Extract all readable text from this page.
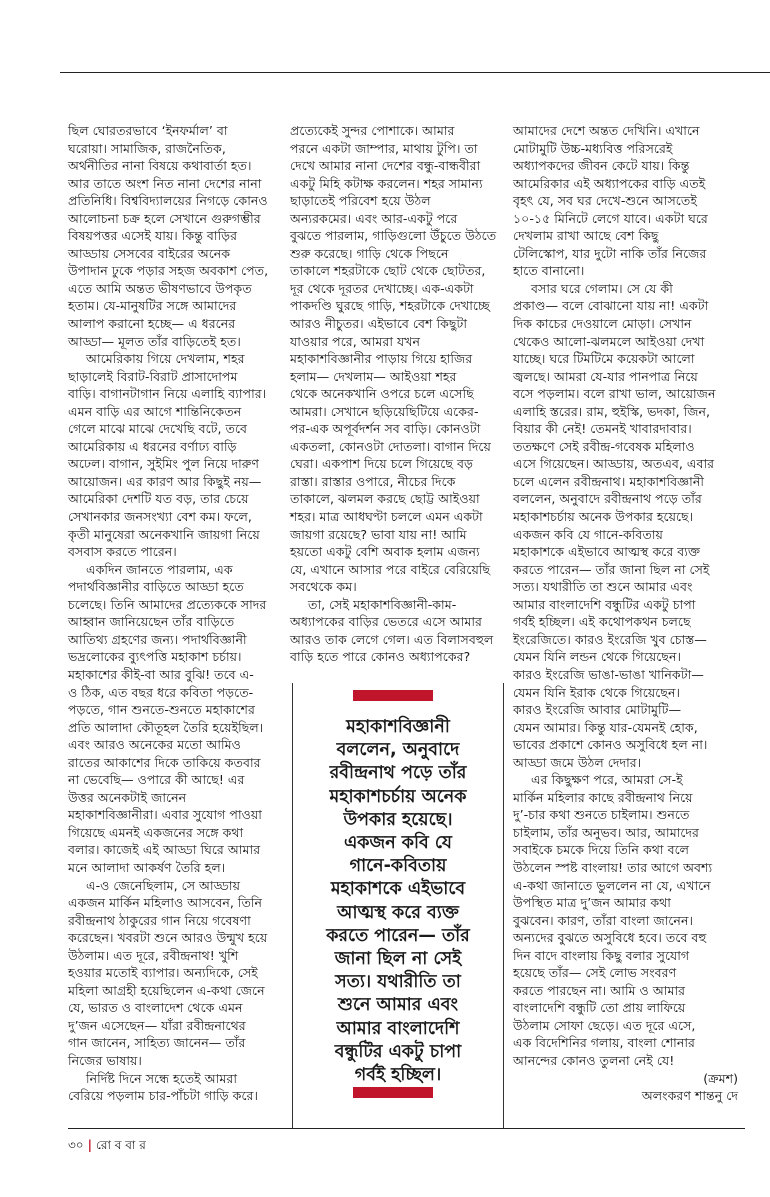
ছিল ঘোরতরভাবে ‘ইনফর্মাল’ বা
ঘরোয়া। সামাজিক, রাজনৈতিক,
অর্থনীতির নানা বিষয়ে কথাবার্তা হত।
আর তাতে অংশ নিত নানা দেশের নানা
প্রতিনিধি। বিশ্ববিদ্যালয়ের নিগড়ে কোনও
আলোচনা চক্র হলে সেখানে গুরুগম্ভীর
বিষয়পত্তর এসেই যায়। কিন্তু বাড়ির
আড্ডায় সেসবের বাইরের অনেক
উপাদান ঢুকে পড়ার সহজ অবকাশ পেত,
এতে আমি অন্তত ভীষণভাবে উপকৃত
হতাম। যে-মানুষটির সঙ্গে আমাদের
আলাপ করানো হচ্ছে— এ ধরনের
আড্ডা— মূলত তাঁর বাড়িতেই হত।
আমেরিকায় গিয়ে দেখলাম, শহর
ছাড়ালেই বিরাট-বিরাট প্রাসাদোপম
বাড়ি। বাগানটাগান নিয়ে এলাহি ব্যাপার।
এমন বাড়ি এর আগে শান্তিনিকেতন
গেলে মাঝে মাঝে দেখেছি বটে, তবে
আমেরিকায় এ ধরনের বর্ণাঢ্য বাড়ি
অঢেল। বাগান, সুইমিং পুল নিয়ে দারুণ
আয়োজন। এর কারণ আর কিছুই নয়—
আমেরিকা দেশটি যত বড়, তার চেয়ে
সেখানকার জনসংখ্যা বেশ কম। ফলে,
কৃতী মানুষেরা অনেকখানি জায়গা নিয়ে
বসবাস করতে পারেন।
একদিন জানতে পারলাম, এক
পদার্থবিজ্ঞানীর বাড়িতে আড্ডা হতে
চলেছে। তিনি আমাদের প্রত্যেককে সাদর
আহ্বান জানিয়েছেন তাঁর বাড়িতে
আতিথ্য গ্রহণের জন্য। পদার্থবিজ্ঞানী
ভদ্রলোকের ব্যুৎপত্তি মহাকাশ চর্চায়।
মহাকাশের কীই-বা আর বুঝি! তবে এ-
ও ঠিক, এত বছর ধরে কবিতা পড়তে-
পড়তে, গান শুনতে-শুনতে মহাকাশের
প্রতি আলাদা কৌতূহল তৈরি হয়েইছিল।
এবং আরও অনেকের মতো আমিও
রাতের আকাশের দিকে তাকিয়ে কতবার
না ভেবেছি— ওপারে কী আছে! এর
উত্তর অনেকটাই জানেন
মহাকাশবিজ্ঞানীরা। এবার সুযোগ পাওয়া
গিয়েছে এমনই একজনের সঙ্গে কথা
বলার। কাজেই এই আড্ডা ঘিরে আমার
মনে আলাদা আকর্ষণ তৈরি হল।
এ-ও জেনেছিলাম, সে আড্ডায়
একজন মার্কিন মহিলাও আসবেন, তিনি
রবীন্দ্রনাথ ঠাকুরের গান নিয়ে গবেষণা
করেছেন। খবরটা শুনে আরও উন্মুখ হয়ে
উঠলাম। এত দূরে, রবীন্দ্রনাথ! খুশি
হওয়ার মতোই ব্যাপার। অন্যদিকে, সেই
মহিলা আগ্রহী হয়েছিলেন এ-কথা জেনে
যে, ভারত ও বাংলাদেশ থেকে এমন
দু’জন এসেছেন— যাঁরা রবীন্দ্রনাথের
গান জানেন, সাহিত্য জানেন— তাঁর
নিজের ভাষায়।
নির্দিষ্ট দিনে সন্ধে হতেই আমরা
বেরিয়ে পড়লাম চার-পাঁচটা গাড়ি করে।
প্রত্যেকেই সুন্দর পোশাকে। আমার
পরনে একটা জাম্পার, মাথায় টুপি। তা
দেখে আমার নানা দেশের বন্ধু-বান্ধবীরা
একটু মিহি কটাক্ষ করলেন। শহর সামান্য
ছাড়াতেই পরিবেশ হয়ে উঠল
অন্যরকমের। এবং আর-একটু পরে
বুঝতে পারলাম, গাড়িগুলো উঁচুতে উঠতে
শুরু করেছে। গাড়ি থেকে পিছনে
তাকালে শহরটাকে ছোট থেকে ছোটতর,
দূর থেকে দূরতর দেখাচ্ছে। এক-একটা
পাকদণ্ডি ঘুরছে গাড়ি, শহরটাকে দেখাচ্ছে
আরও নীচুতর। এইভাবে বেশ কিছুটা
যাওয়ার পরে, আমরা যখন
মহাকাশবিজ্ঞানীর পাড়ায় গিয়ে হাজির
হলাম— দেখলাম— আইওয়া শহর
থেকে অনেকখানি ওপরে চলে এসেছি
আমরা। সেখানে ছড়িয়েছিটিয়ে একের-
পর-এক অপূর্বদর্শন সব বাড়ি। কোনওটা
একতলা, কোনওটা দোতলা। বাগান দিয়ে
ঘেরা। একপাশ দিয়ে চলে গিয়েছে বড়
রাস্তা। রাস্তার ওপারে, নীচের দিকে
তাকালে, ঝলমল করছে ছোট্ট আইওয়া
শহর। মাত্র আধঘণ্টা চললে এমন একটা
জায়গা রয়েছে? ভাবা যায় না! আমি
হয়তো একটু বেশি অবাক হলাম এজন্য
যে, এখানে আসার পরে বাইরে বেরিয়েছি
সবথেকে কম।
তা, সেই মহাকাশবিজ্ঞানী-কাম-
অধ্যাপকের বাড়ির ভেতরে এসে আমার
আরও তাক লেগে গেল। এত বিলাসবহুল
বাড়ি হতে পারে কোনও অধ্যাপকের?
মহাকাশবিজ্ঞানী
বললেন, অনুবাদে
রবীন্দ্রনাথ পড়ে তাঁর
মহাকাশচর্চায় অনেক
উপকার হয়েছে।
একজন কবি যে
গানে-কবিতায়
মহাকাশকে এইভাবে
আত্মস্থ করে ব্যক্ত
করতে পারেন— তাঁর
জানা ছিল না সেই
সত্য। যথারীতি তা
শুনে আমার এবং
আমার বাংলাদেশি
বন্ধুটির একটু চাপা
গর্বই হচ্ছিল।
আমাদের দেশে অন্তত দেখিনি। এখানে
মোটামুটি উচ্চ-মধ্যবিত্ত পরিসরেই
অধ্যাপকদের জীবন কেটে যায়। কিন্তু
আমেরিকার এই অধ্যাপকের বাড়ি এতই
বৃহৎ যে, সব ঘর দেখে-শুনে আসতেই
১০-১৫ মিনিটে লেগে যাবে। একটা ঘরে
দেখলাম রাখা আছে বেশ কিছু
টেলিস্কোপ, যার দুটো নাকি তাঁর নিজের
হাতে বানানো।
বসার ঘরে গেলাম। সে যে কী
প্রকাণ্ড— বলে বোঝানো যায় না! একটা
দিক কাচের দেওয়ালে মোড়া। সেখান
থেকেও আলো-ঝলমলে আইওয়া দেখা
যাচ্ছে। ঘরে টিমটিমে কয়েকটা আলো
জ্বলছে। আমরা যে-যার পানপাত্র নিয়ে
বসে পড়লাম। বলে রাখা ভাল, আয়োজন
এলাহি স্তরের। রাম, হুইস্কি, ভদকা, জিন,
বিয়ার কী নেই! তেমনই খাবারদাবার।
ততক্ষণে সেই রবীন্দ্র-গবেষক মহিলাও
এসে গিয়েছেন। আড্ডায়, অতএব, এবার
চলে এলেন রবীন্দ্রনাথ। মহাকাশবিজ্ঞানী
বললেন, অনুবাদে রবীন্দ্রনাথ পড়ে তাঁর
মহাকাশচর্চায় অনেক উপকার হয়েছে।
একজন কবি যে গানে-কবিতায়
মহাকাশকে এইভাবে আত্মস্থ করে ব্যক্ত
করতে পারেন— তাঁর জানা ছিল না সেই
সত্য। যথারীতি তা শুনে আমার এবং
আমার বাংলাদেশি বন্ধুটির একটু চাপা
গর্বই হচ্ছিল। এই কথোপকথন চলছে
ইংরেজিতে। কারও ইংরেজি খুব চোস্ত—
যেমন যিনি লন্ডন থেকে গিয়েছেন।
কারও ইংরেজি ভাঙা-ভাঙা খানিকটা—
যেমন যিনি ইরাক থেকে গিয়েছেন।
কারও ইংরেজি আবার মোটামুটি—
যেমন আমার। কিন্তু যার-যেমনই হোক,
ভাবের প্রকাশে কোনও অসুবিধে হল না।
আড্ডা জমে উঠল দেদার।
এর কিছুক্ষণ পরে, আমরা সে-ই
মার্কিন মহিলার কাছে রবীন্দ্রনাথ নিয়ে
দু’-চার কথা শুনতে চাইলাম। শুনতে
চাইলাম, তাঁর অনুভব। আর, আমাদের
সবাইকে চমকে দিয়ে তিনি কথা বলে
উঠলেন স্পষ্ট বাংলায়! তার আগে অবশ্য
এ-কথা জানাতে ভুললেন না যে, এখানে
উপস্থিত মাত্র দু’জন আমার কথা
বুঝবেন। কারণ, তাঁরা বাংলা জানেন।
অন্যদের বুঝতে অসুবিধে হবে। তবে বহু
দিন বাদে বাংলায় কিছু বলার সুযোগ
হয়েছে তাঁর— সেই লোভ সংবরণ
করতে পারছেন না। আমি ও আমার
বাংলাদেশি বন্ধুটি তো প্রায় লাফিয়ে
উঠলাম সোফা ছেড়ে। এত দূরে এসে,
এক বিদেশিনির গলায়, বাংলা শোনার
আনন্দের কোনও তুলনা নেই যে!
(ক্রমশ)
অলংকরণ শান্তনু দে
৩০ | রো ব বা র
